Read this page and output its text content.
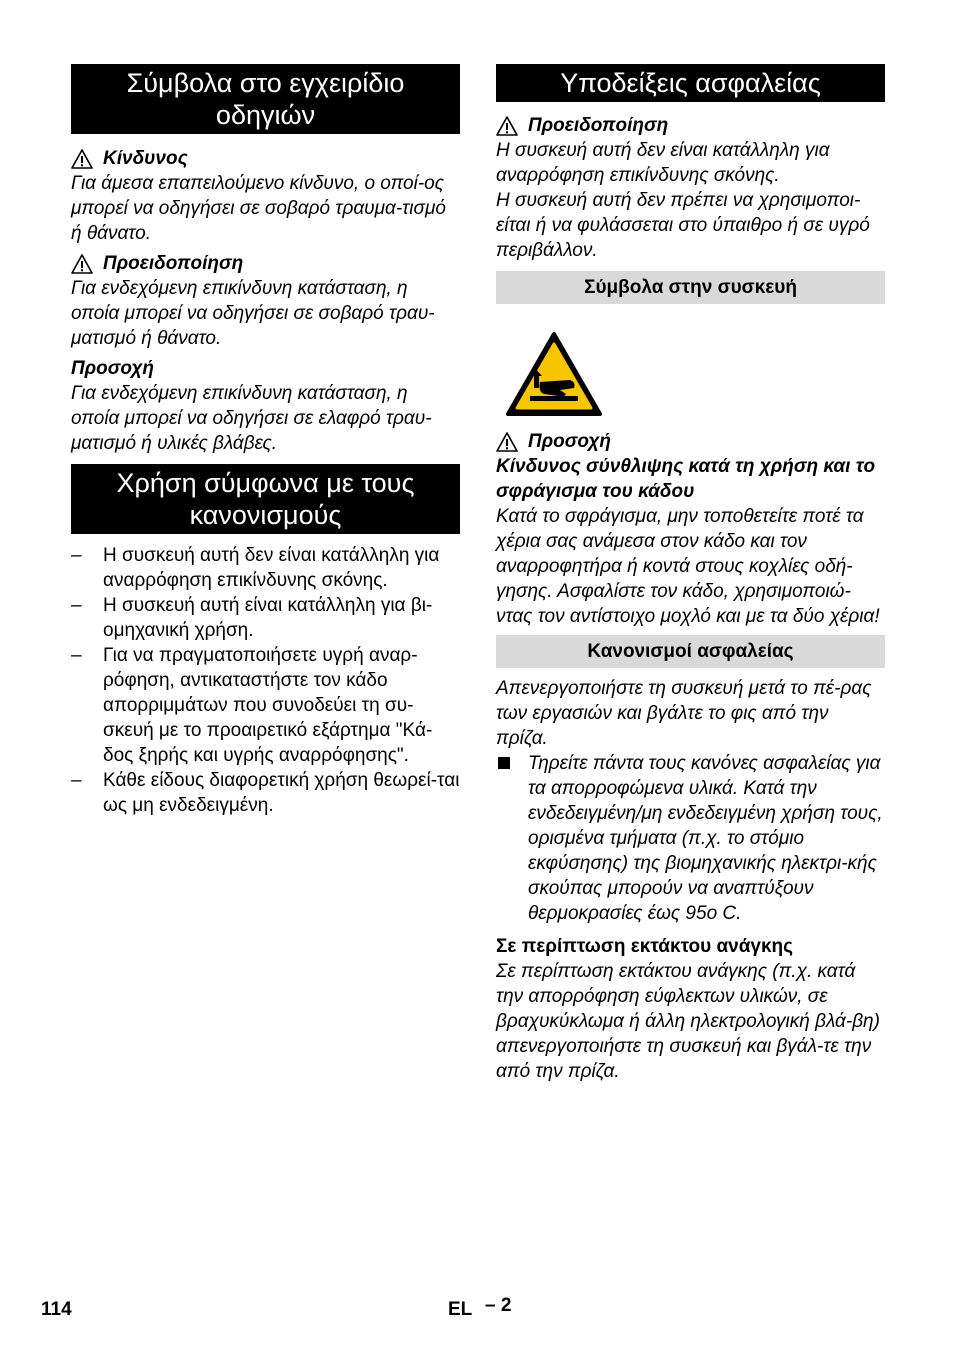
Σύμβολα στο εγχειρίδιο οδηγιών
Κίνδυνος

Για άμεσα επαπειλούμενο κίνδυνο, ο οποί-ος μπορεί να οδηγήσει σε σοβαρό τραυμα-τισμό ή θάνατο.

Προειδοποίηση

Για ενδεχόμενη επικίνδυνη κατάσταση, η οποία μπορεί να οδηγήσει σε σοβαρό τραυ-ματισμό ή θάνατο.

Προσοχή

Για ενδεχόμενη επικίνδυνη κατάσταση, η οποία μπορεί να οδηγήσει σε ελαφρό τραυ-ματισμό ή υλικές βλάβες.

Χρήση σύμφωνα με τους κανονισμούς
– Η συσκευή αυτή δεν είναι κατάλληλη για αναρρόφηση επικίνδυνης σκόνης.
– Η συσκευή αυτή είναι κατάλληλη για βι-ομηχανική χρήση.
– Για να πραγματοποιήσετε υγρή αναρ-ρόφηση, αντικαταστήστε τον κάδο απορριμμάτων που συνοδεύει τη συ-σκευή με το προαιρετικό εξάρτημα "Κά-δος ξηρής και υγρής αναρρόφησης".
– Κάθε είδους διαφορετική χρήση θεωρεί-ται ως μη ενδεδειγμένη.
Υποδείξεις ασφαλείας
Προειδοποίηση

Η συσκευή αυτή δεν είναι κατάλληλη για αναρρόφηση επικίνδυνης σκόνης.

Η συσκευή αυτή δεν πρέπει να χρησιμοποι-είται ή να φυλάσσεται στο ύπαιθρο ή σε υγρό περιβάλλον.

Σύμβολα στην συσκευή
Προσοχή

Κίνδυνος σύνθλιψης κατά τη χρήση και το σφράγισμα του κάδου

Κατά το σφράγισμα, μην τοποθετείτε ποτέ τα χέρια σας ανάμεσα στον κάδο και τον αναρροφητήρα ή κοντά στους κοχλίες οδή-γησης. Ασφαλίστε τον κάδο, χρησιμοποιώ-ντας τον αντίστοιχο μοχλό και με τα δύο χέρια!

Κανονισμοί ασφαλείας

Απενεργοποιήστε τη συσκευή μετά το πέ-ρας των εργασιών και βγάλτε το φις από την πρίζα.

Τηρείτε πάντα τους κανόνες ασφαλείας για τα απορροφώμενα υλικά. Κατά την ενδεδειγμένη/μη ενδεδειγμένη χρήση τους, ορισμένα τμήματα (π.χ. το στόμιο εκφύσησης) της βιομηχανικής ηλεκτρι-κής σκούπας μπορούν να αναπτύξουν θερμοκρασίες έως 95o C.

Σε περίπτωση εκτάκτου ανάγκης

Σε περίπτωση εκτάκτου ανάγκης (π.χ. κατά την απορρόφηση εύφλεκτων υλικών, σε βραχυκύκλωμα ή άλλη ηλεκτρολογική βλά-βη) απενεργοποιήστε τη συσκευή και βγάλ-τε την από την πρίζα.

114	EL – 2
